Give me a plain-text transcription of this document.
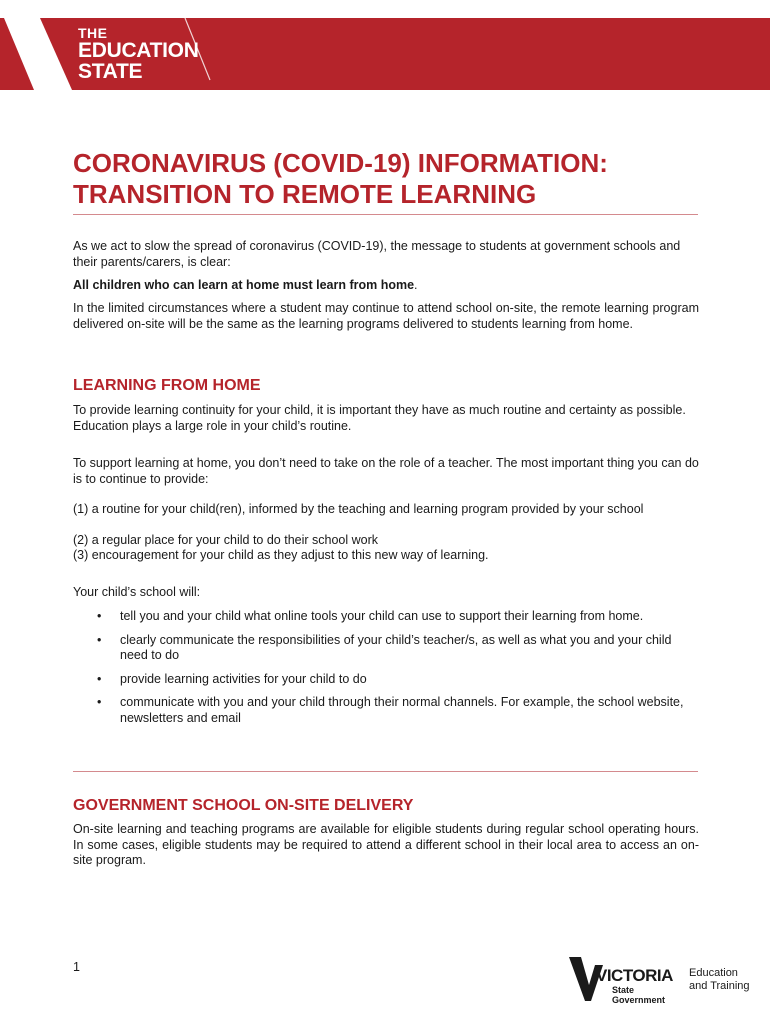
THE
EDUCATION
STATE
CORONAVIRUS (COVID-19) INFORMATION: TRANSITION TO REMOTE LEARNING

As we act to slow the spread of coronavirus (COVID-19), the message to students at government schools and their parents/carers, is clear:

All children who can learn at home must learn from home.

In the limited circumstances where a student may continue to attend school on-site, the remote learning program delivered on-site will be the same as the learning programs delivered to students learning from home.

LEARNING FROM HOME

To provide learning continuity for your child, it is important they have as much routine and certainty as possible. Education plays a large role in your child’s routine.

To support learning at home, you don’t need to take on the role of a teacher. The most important thing you can do is to continue to provide:

(1) a routine for your child(ren), informed by the teaching and learning program provided by your school

(2) a regular place for your child to do their school work

(3) encouragement for your child as they adjust to this new way of learning.

Your child’s school will:

• tell you and your child what online tools your child can use to support their learning from home.
• clearly communicate the responsibilities of your child’s teacher/s, as well as what you and your child need to do
• provide learning activities for your child to do
• communicate with you and your child through their normal channels. For example, the school website, newsletters and email
GOVERNMENT SCHOOL ON-SITE DELIVERY

On-site learning and teaching programs are available for eligible students during regular school operating hours. In some cases, eligible students may be required to attend a different school in their local area to access an on-site program.

1	VICTORIA
State
Government
Education
and Training
